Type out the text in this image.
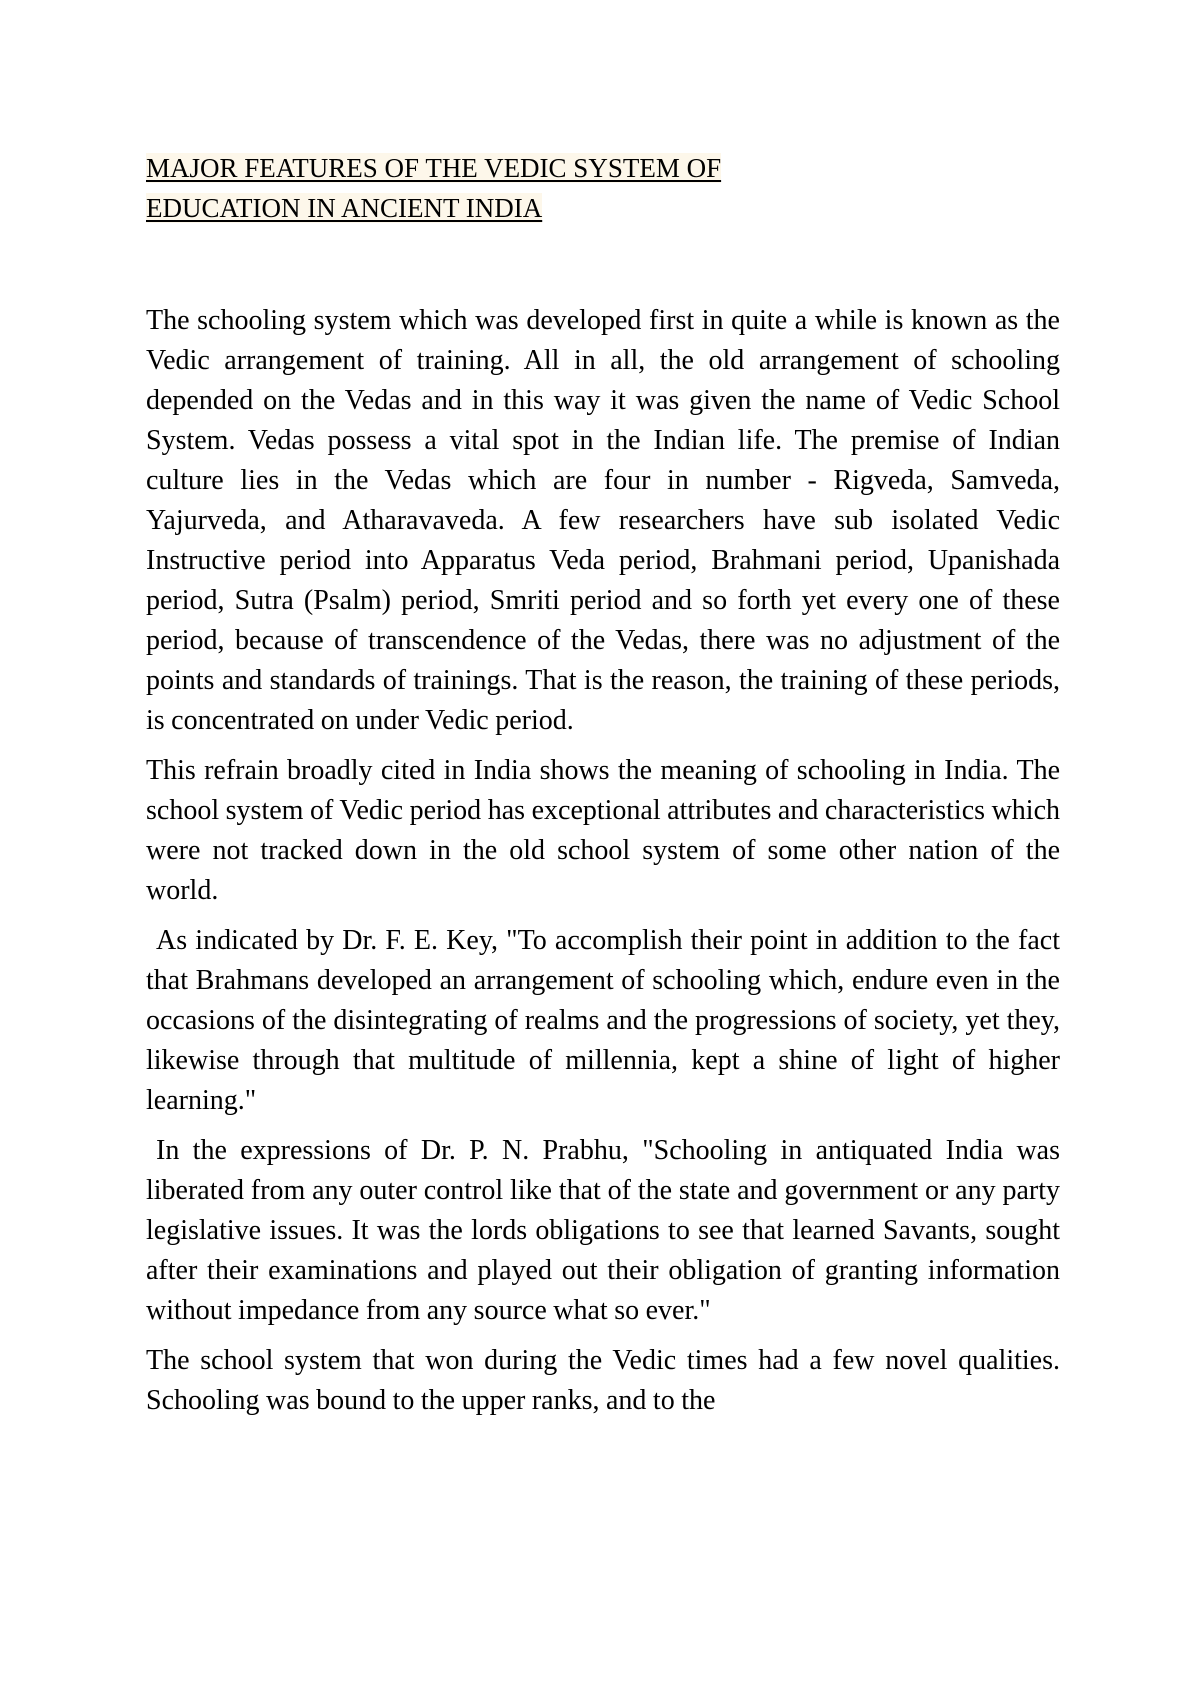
MAJOR FEATURES OF THE VEDIC SYSTEM OF
EDUCATION IN ANCIENT INDIA

The schooling system which was developed first in quite a while is known as the Vedic arrangement of training. All in all, the old arrangement of schooling depended on the Vedas and in this way it was given the name of Vedic School System. Vedas possess a vital spot in the Indian life. The premise of Indian culture lies in the Vedas which are four in number - Rigveda, Samveda, Yajurveda, and Atharavaveda. A few researchers have sub isolated Vedic Instructive period into Apparatus Veda period, Brahmani period, Upanishada period, Sutra (Psalm) period, Smriti period and so forth yet every one of these period, because of transcendence of the Vedas, there was no adjustment of the points and standards of trainings. That is the reason, the training of these periods, is concentrated on under Vedic period.

This refrain broadly cited in India shows the meaning of schooling in India. The school system of Vedic period has exceptional attributes and characteristics which were not tracked down in the old school system of some other nation of the world.

As indicated by Dr. F. E. Key, "To accomplish their point in addition to the fact that Brahmans developed an arrangement of schooling which, endure even in the occasions of the disintegrating of realms and the progressions of society, yet they, likewise through that multitude of millennia, kept a shine of light of higher learning."

In the expressions of Dr. P. N. Prabhu, "Schooling in antiquated India was liberated from any outer control like that of the state and government or any party legislative issues. It was the lords obligations to see that learned Savants, sought after their examinations and played out their obligation of granting information without impedance from any source what so ever."

The school system that won during the Vedic times had a few novel qualities. Schooling was bound to the upper ranks, and to the
